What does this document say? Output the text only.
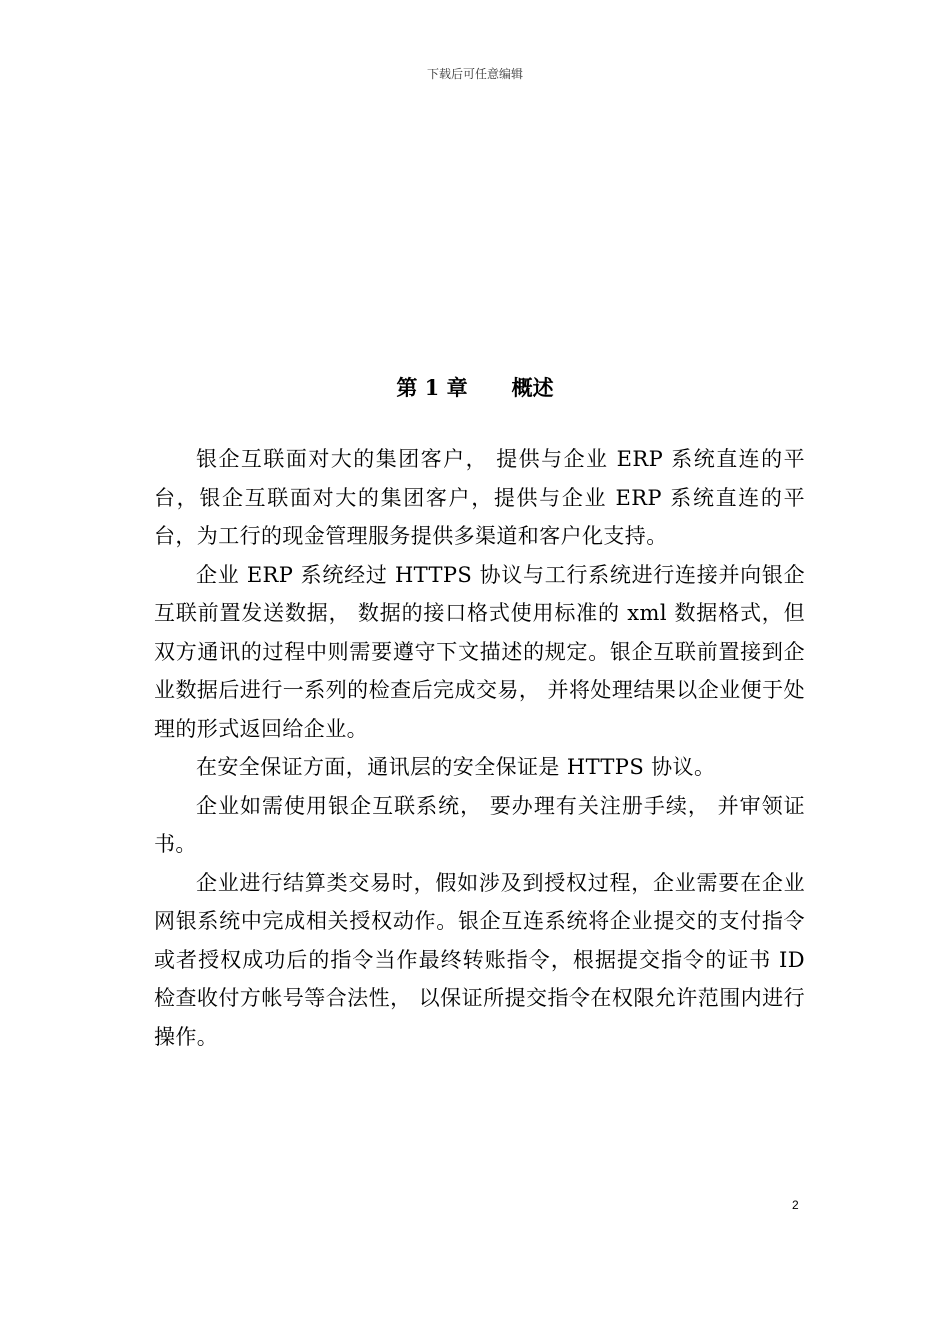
下载后可任意编辑
第 1 章 概述

银企互联面对大的集团客户， 提供与企业 ERP 系统直连的平台，银企互联面对大的集团客户，提供与企业 ERP 系统直连的平台，为工行的现金管理服务提供多渠道和客户化支持。

企业 ERP 系统经过 HTTPS 协议与工行系统进行连接并向银企互联前置发送数据， 数据的接口格式使用标准的 xml 数据格式，但双方通讯的过程中则需要遵守下文描述的规定。银企互联前置接到企业数据后进行一系列的检查后完成交易， 并将处理结果以企业便于处理的形式返回给企业。

在安全保证方面，通讯层的安全保证是 HTTPS 协议。

企业如需使用银企互联系统， 要办理有关注册手续， 并审领证书。

企业进行结算类交易时，假如涉及到授权过程，企业需要在企业网银系统中完成相关授权动作。银企互连系统将企业提交的支付指令或者授权成功后的指令当作最终转账指令，根据提交指令的证书 ID 检查收付方帐号等合法性， 以保证所提交指令在权限允许范围内进行操作。

2
